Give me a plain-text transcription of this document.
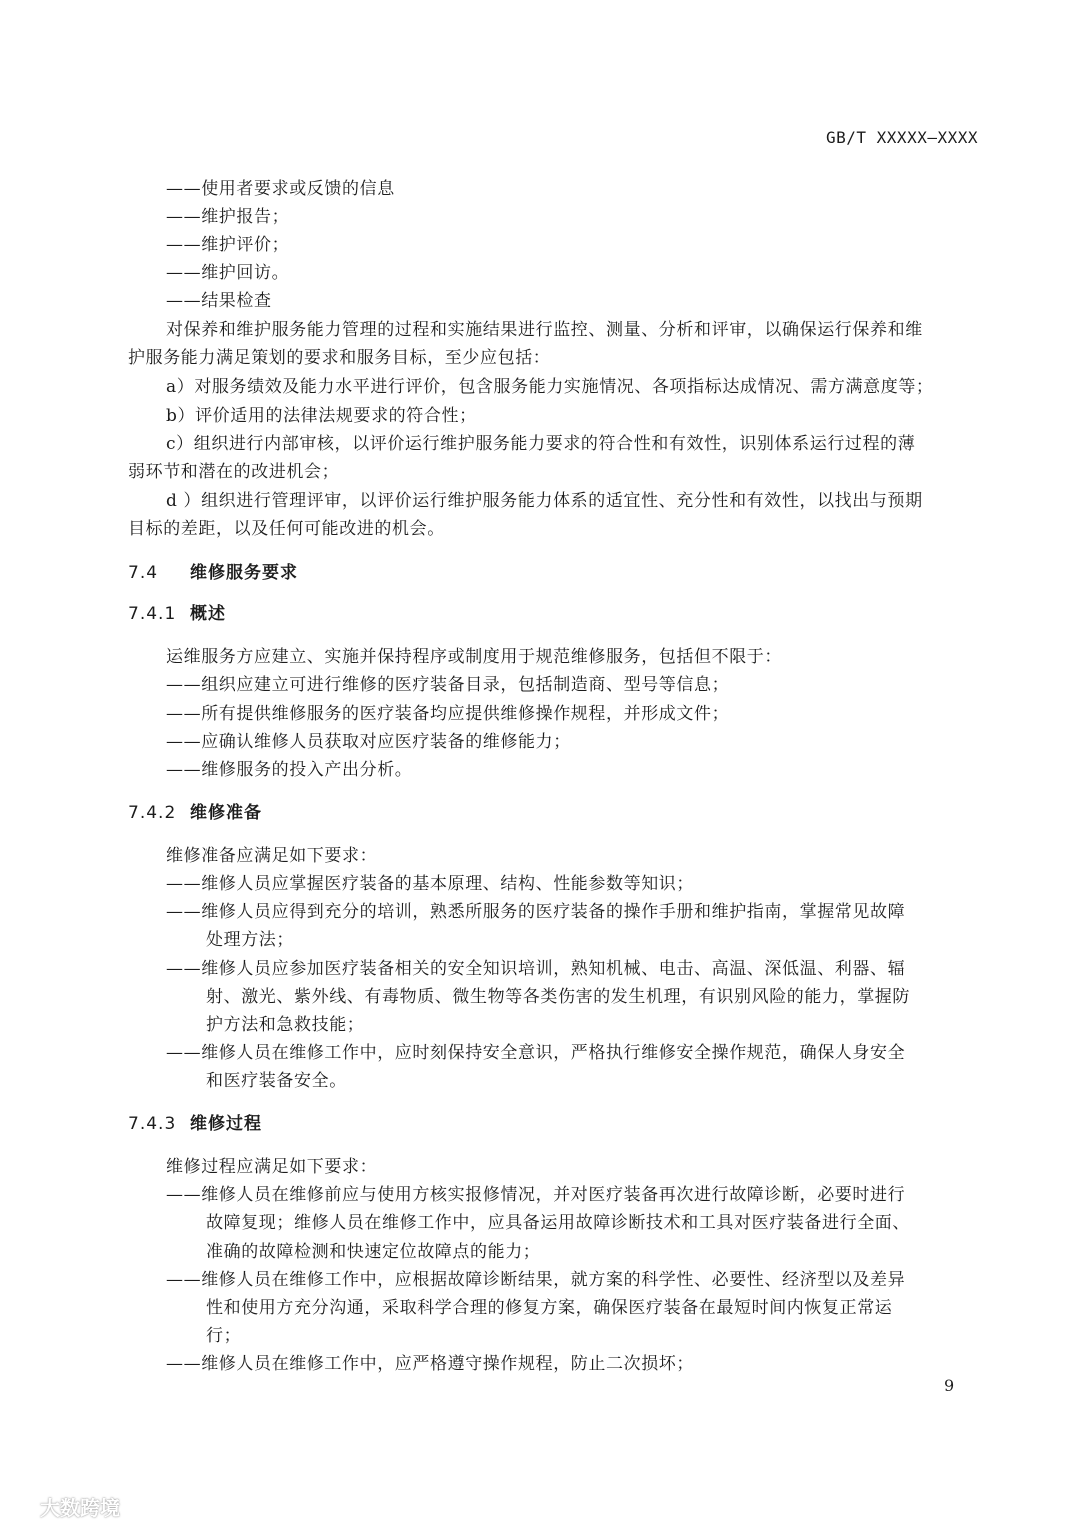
GB/T XXXXX—XXXX
——使用者要求或反馈的信息
——维护报告；
——维护评价；
——维护回访。
——结果检查
对保养和维护服务能力管理的过程和实施结果进行监控、测量、分析和评审，以确保运行保养和维
护服务能力满足策划的要求和服务目标，至少应包括：
a）对服务绩效及能力水平进行评价，包含服务能力实施情况、各项指标达成情况、需方满意度等；
b）评价适用的法律法规要求的符合性；
c）组织进行内部审核，以评价运行维护服务能力要求的符合性和有效性，识别体系运行过程的薄
弱环节和潜在的改进机会；
d ）组织进行管理评审，以评价运行维护服务能力体系的适宜性、充分性和有效性，以找出与预期
目标的差距，以及任何可能改进的机会。
7.4 维修服务要求
7.4.1 概述
运维服务方应建立、实施并保持程序或制度用于规范维修服务，包括但不限于：
——组织应建立可进行维修的医疗装备目录，包括制造商、型号等信息；
——所有提供维修服务的医疗装备均应提供维修操作规程，并形成文件；
——应确认维修人员获取对应医疗装备的维修能力；
——维修服务的投入产出分析。
7.4.2 维修准备
维修准备应满足如下要求：
——维修人员应掌握医疗装备的基本原理、结构、性能参数等知识；
——维修人员应得到充分的培训，熟悉所服务的医疗装备的操作手册和维护指南，掌握常见故障
处理方法；
——维修人员应参加医疗装备相关的安全知识培训，熟知机械、电击、高温、深低温、利器、辐
射、激光、紫外线、有毒物质、微生物等各类伤害的发生机理，有识别风险的能力，掌握防
护方法和急救技能；
——维修人员在维修工作中，应时刻保持安全意识，严格执行维修安全操作规范，确保人身安全
和医疗装备安全。
7.4.3 维修过程
维修过程应满足如下要求：
——维修人员在维修前应与使用方核实报修情况，并对医疗装备再次进行故障诊断，必要时进行
故障复现；维修人员在维修工作中，应具备运用故障诊断技术和工具对医疗装备进行全面、
准确的故障检测和快速定位故障点的能力；
——维修人员在维修工作中，应根据故障诊断结果，就方案的科学性、必要性、经济型以及差异
性和使用方充分沟通，采取科学合理的修复方案，确保医疗装备在最短时间内恢复正常运
行；
——维修人员在维修工作中，应严格遵守操作规程，防止二次损坏；
9
大数跨境
